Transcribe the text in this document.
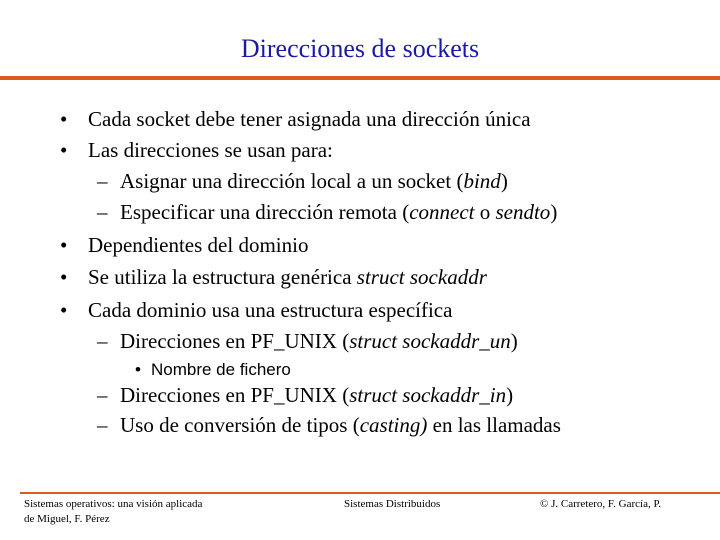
Direcciones de sockets
• Cada socket debe tener asignada una dirección única
• Las direcciones se usan para:
– Asignar una dirección local a un socket (bind)
– Especificar una dirección remota (connect o sendto)
• Dependientes del dominio
• Se utiliza la estructura genérica struct sockaddr
• Cada dominio usa una estructura específica
– Direcciones en PF_UNIX (struct sockaddr_un)
• Nombre de fichero
– Direcciones en PF_UNIX (struct sockaddr_in)
– Uso de conversión de tipos (casting) en las llamadas
Sistemas operativos: una visión aplicada
de Miguel, F. Pérez
Sistemas Distribuidos	© J. Carretero, F. García, P.
